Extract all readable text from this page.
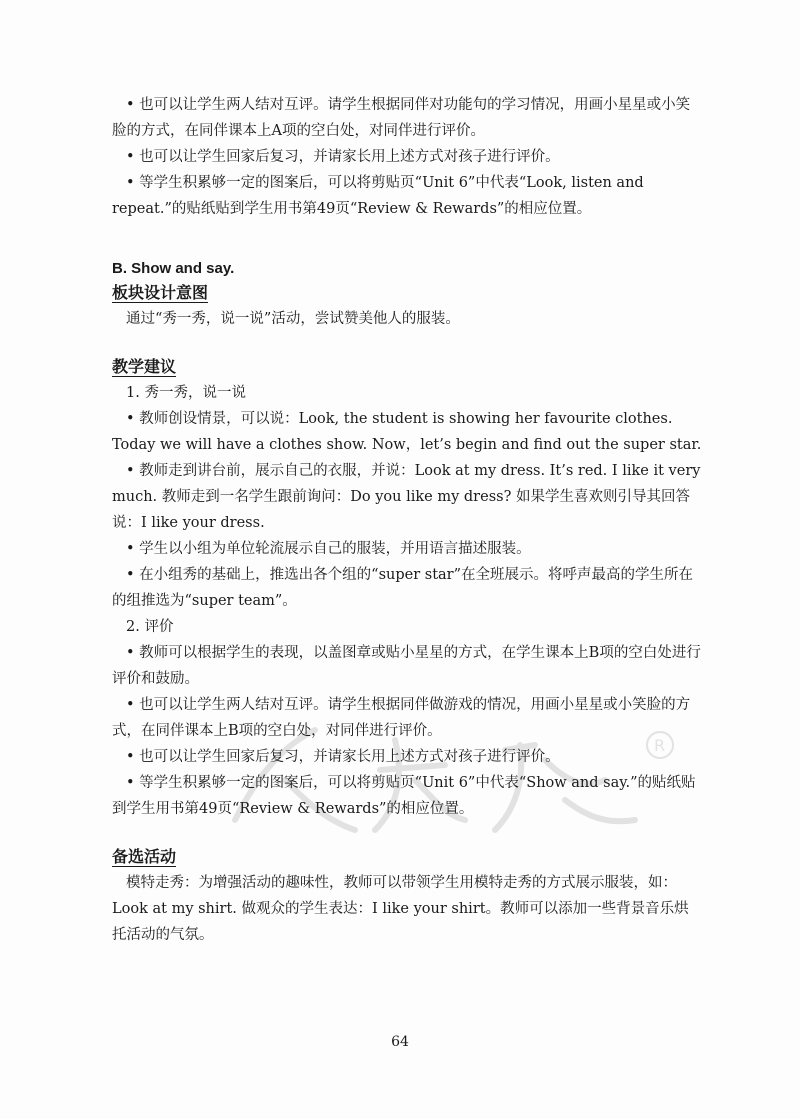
R

• 也可以让学生两人结对互评。请学生根据同伴对功能句的学习情况，用画小星星或小笑脸的方式，在同伴课本上A项的空白处，对同伴进行评价。

• 也可以让学生回家后复习，并请家长用上述方式对孩子进行评价。

• 等学生积累够一定的图案后，可以将剪贴页“Unit 6”中代表“Look, listen and repeat.”的贴纸贴到学生用书第49页“Review & Rewards”的相应位置。

B. Show and say.
板块设计意图

通过“秀一秀，说一说”活动，尝试赞美他人的服装。

教学建议

1. 秀一秀，说一说

• 教师创设情景，可以说：Look, the student is showing her favourite clothes. Today we will have a clothes show. Now，let’s begin and find out the super star.

• 教师走到讲台前，展示自己的衣服，并说：Look at my dress. It’s red. I like it very much. 教师走到一名学生跟前询问：Do you like my dress? 如果学生喜欢则引导其回答说：I like your dress.

• 学生以小组为单位轮流展示自己的服装，并用语言描述服装。

• 在小组秀的基础上，推选出各个组的“super star”在全班展示。将呼声最高的学生所在的组推选为“super team”。

2. 评价

• 教师可以根据学生的表现，以盖图章或贴小星星的方式，在学生课本上B项的空白处进行评价和鼓励。

• 也可以让学生两人结对互评。请学生根据同伴做游戏的情况，用画小星星或小笑脸的方式，在同伴课本上B项的空白处，对同伴进行评价。

• 也可以让学生回家后复习，并请家长用上述方式对孩子进行评价。

• 等学生积累够一定的图案后，可以将剪贴页“Unit 6”中代表“Show and say.”的贴纸贴到学生用书第49页“Review & Rewards”的相应位置。

备选活动

模特走秀：为增强活动的趣味性，教师可以带领学生用模特走秀的方式展示服装，如：Look at my shirt. 做观众的学生表达：I like your shirt。教师可以添加一些背景音乐烘托活动的气氛。

64
